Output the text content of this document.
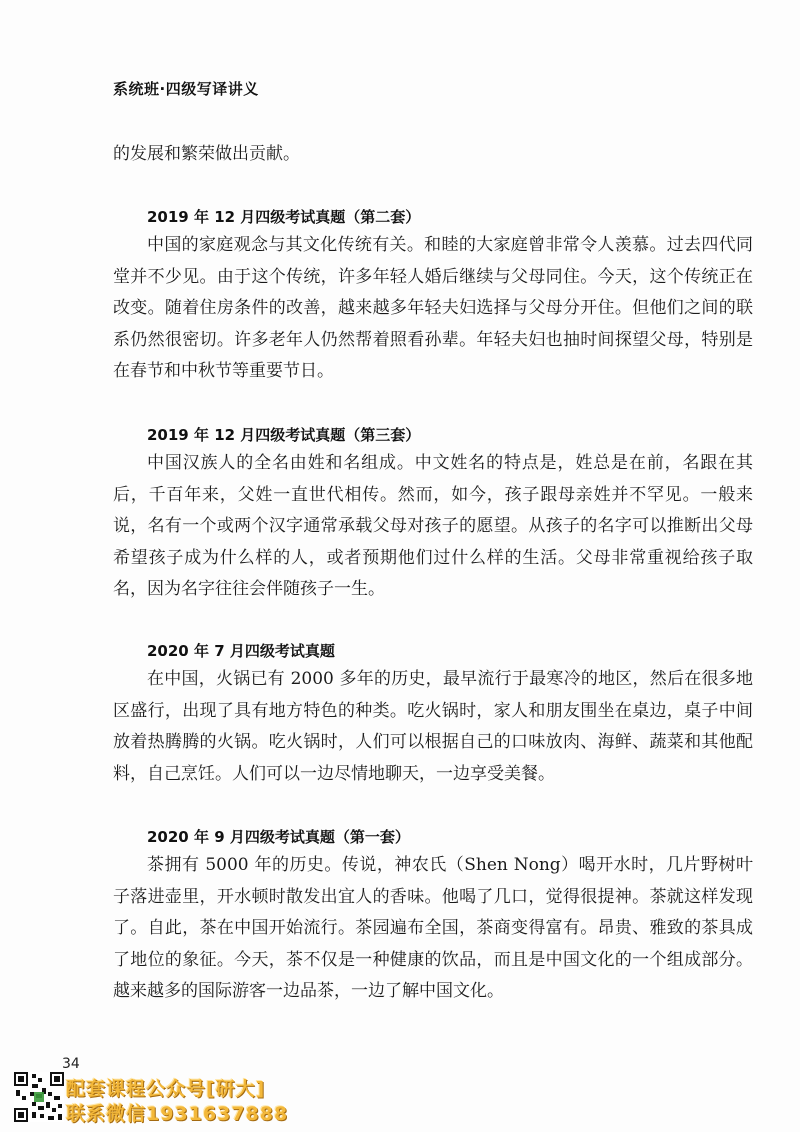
系统班·四级写译讲义

的发展和繁荣做出贡献。

2019 年 12 月四级考试真题（第二套）

中国的家庭观念与其文化传统有关。和睦的大家庭曾非常令人羡慕。过去四代同堂并不少见。由于这个传统，许多年轻人婚后继续与父母同住。今天，这个传统正在改变。随着住房条件的改善，越来越多年轻夫妇选择与父母分开住。但他们之间的联系仍然很密切。许多老年人仍然帮着照看孙辈。年轻夫妇也抽时间探望父母，特别是在春节和中秋节等重要节日。

2019 年 12 月四级考试真题（第三套）

中国汉族人的全名由姓和名组成。中文姓名的特点是，姓总是在前，名跟在其后，千百年来，父姓一直世代相传。然而，如今，孩子跟母亲姓并不罕见。一般来说，名有一个或两个汉字通常承载父母对孩子的愿望。从孩子的名字可以推断出父母希望孩子成为什么样的人，或者预期他们过什么样的生活。父母非常重视给孩子取名，因为名字往往会伴随孩子一生。

2020 年 7 月四级考试真题

在中国，火锅已有 2000 多年的历史，最早流行于最寒冷的地区，然后在很多地区盛行，出现了具有地方特色的种类。吃火锅时，家人和朋友围坐在桌边，桌子中间放着热腾腾的火锅。吃火锅时，人们可以根据自己的口味放肉、海鲜、蔬菜和其他配料，自己烹饪。人们可以一边尽情地聊天，一边享受美餐。

2020 年 9 月四级考试真题（第一套）

茶拥有 5000 年的历史。传说，神农氏（Shen Nong）喝开水时，几片野树叶子落进壶里，开水顿时散发出宜人的香味。他喝了几口，觉得很提神。茶就这样发现了。自此，茶在中国开始流行。茶园遍布全国，茶商变得富有。昂贵、雅致的茶具成了地位的象征。今天，茶不仅是一种健康的饮品，而且是中国文化的一个组成部分。越来越多的国际游客一边品茶，一边了解中国文化。

34
配套课程公众号[研大]
联系微信1931637888
